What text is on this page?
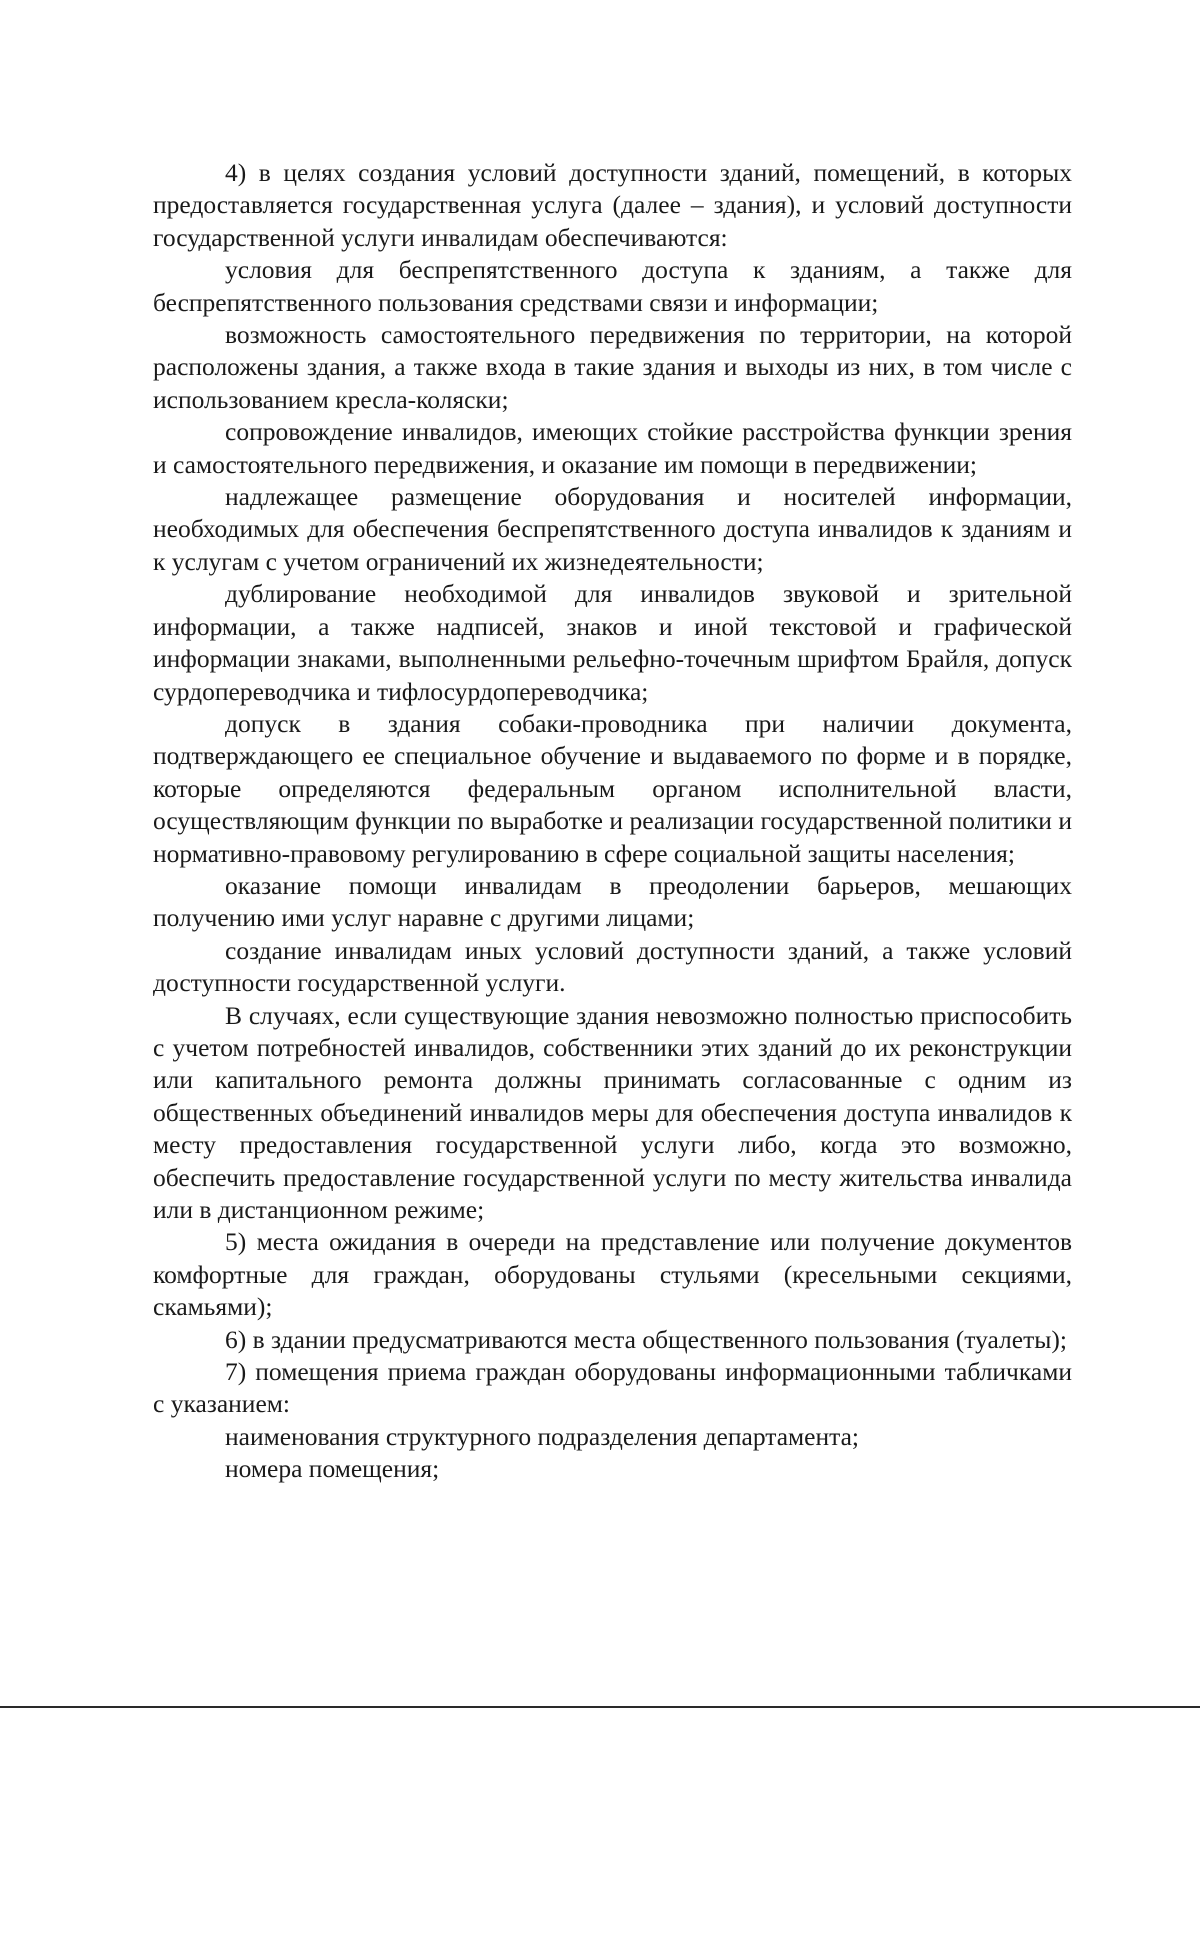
4) в целях создания условий доступности зданий, помещений, в которых предоставляется государственная услуга (далее – здания), и условий доступности государственной услуги инвалидам обеспечиваются:

условия для беспрепятственного доступа к зданиям, а также для беспрепятственного пользования средствами связи и информации;

возможность самостоятельного передвижения по территории, на которой расположены здания, а также входа в такие здания и выходы из них, в том числе с использованием кресла-коляски;

сопровождение инвалидов, имеющих стойкие расстройства функции зрения и самостоятельного передвижения, и оказание им помощи в передвижении;

надлежащее размещение оборудования и носителей информации, необходимых для обеспечения беспрепятственного доступа инвалидов к зданиям и к услугам с учетом ограничений их жизнедеятельности;

дублирование необходимой для инвалидов звуковой и зрительной информации, а также надписей, знаков и иной текстовой и графической информации знаками, выполненными рельефно-точечным шрифтом Брайля, допуск сурдопереводчика и тифлосурдопереводчика;

допуск в здания собаки-проводника при наличии документа, подтверждающего ее специальное обучение и выдаваемого по форме и в порядке, которые определяются федеральным органом исполнительной власти, осуществляющим функции по выработке и реализации государственной политики и нормативно-правовому регулированию в сфере социальной защиты населения;

оказание помощи инвалидам в преодолении барьеров, мешающих получению ими услуг наравне с другими лицами;

создание инвалидам иных условий доступности зданий, а также условий доступности государственной услуги.

В случаях, если существующие здания невозможно полностью приспособить с учетом потребностей инвалидов, собственники этих зданий до их реконструкции или капитального ремонта должны принимать согласованные с одним из общественных объединений инвалидов меры для обеспечения доступа инвалидов к месту предоставления государственной услуги либо, когда это возможно, обеспечить предоставление государственной услуги по месту жительства инвалида или в дистанционном режиме;

5) места ожидания в очереди на представление или получение документов комфортные для граждан, оборудованы стульями (кресельными секциями, скамьями);

6) в здании предусматриваются места общественного пользования (туалеты);

7) помещения приема граждан оборудованы информационными табличками с указанием:

наименования структурного подразделения департамента;

номера помещения;
